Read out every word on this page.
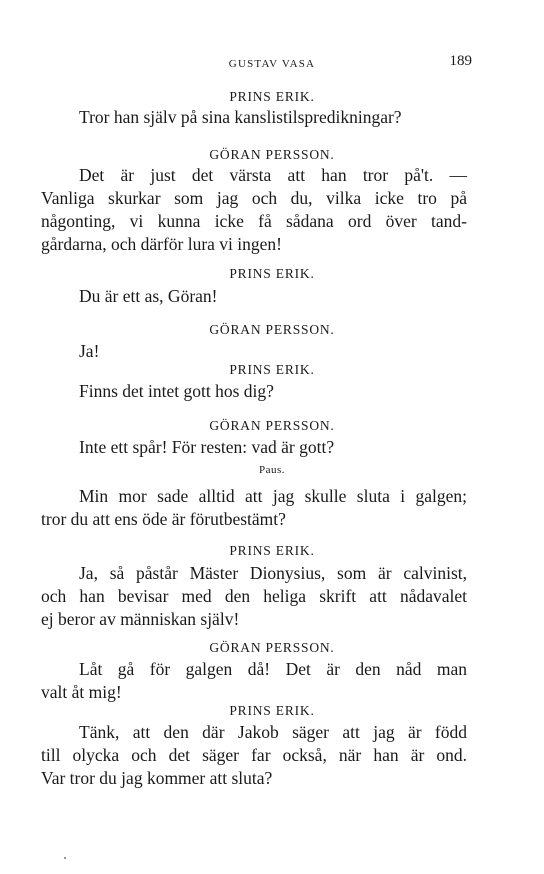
GUSTAV VASA	189
PRINS ERIK.
Tror han själv på sina kanslistilspredikningar?
GÖRAN PERSSON.
Det är just det värsta att han tror på't. —
Vanliga skurkar som jag och du, vilka icke tro på
någonting, vi kunna icke få sådana ord över tand-
gårdarna, och därför lura vi ingen!
PRINS ERIK.
Du är ett as, Göran!
GÖRAN PERSSON.
Ja!
PRINS ERIK.
Finns det intet gott hos dig?
GÖRAN PERSSON.
Inte ett spår! För resten: vad är gott?
Paus.
Min mor sade alltid att jag skulle sluta i galgen;
tror du att ens öde är förutbestämt?
PRINS ERIK.
Ja, så påstår Mäster Dionysius, som är calvinist,
och han bevisar med den heliga skrift att nådavalet
ej beror av människan själv!
GÖRAN PERSSON.
Låt gå för galgen då! Det är den nåd man
valt åt mig!
PRINS ERIK.
Tänk, att den där Jakob säger att jag är född
till olycka och det säger far också, när han är ond.
Var tror du jag kommer att sluta?
